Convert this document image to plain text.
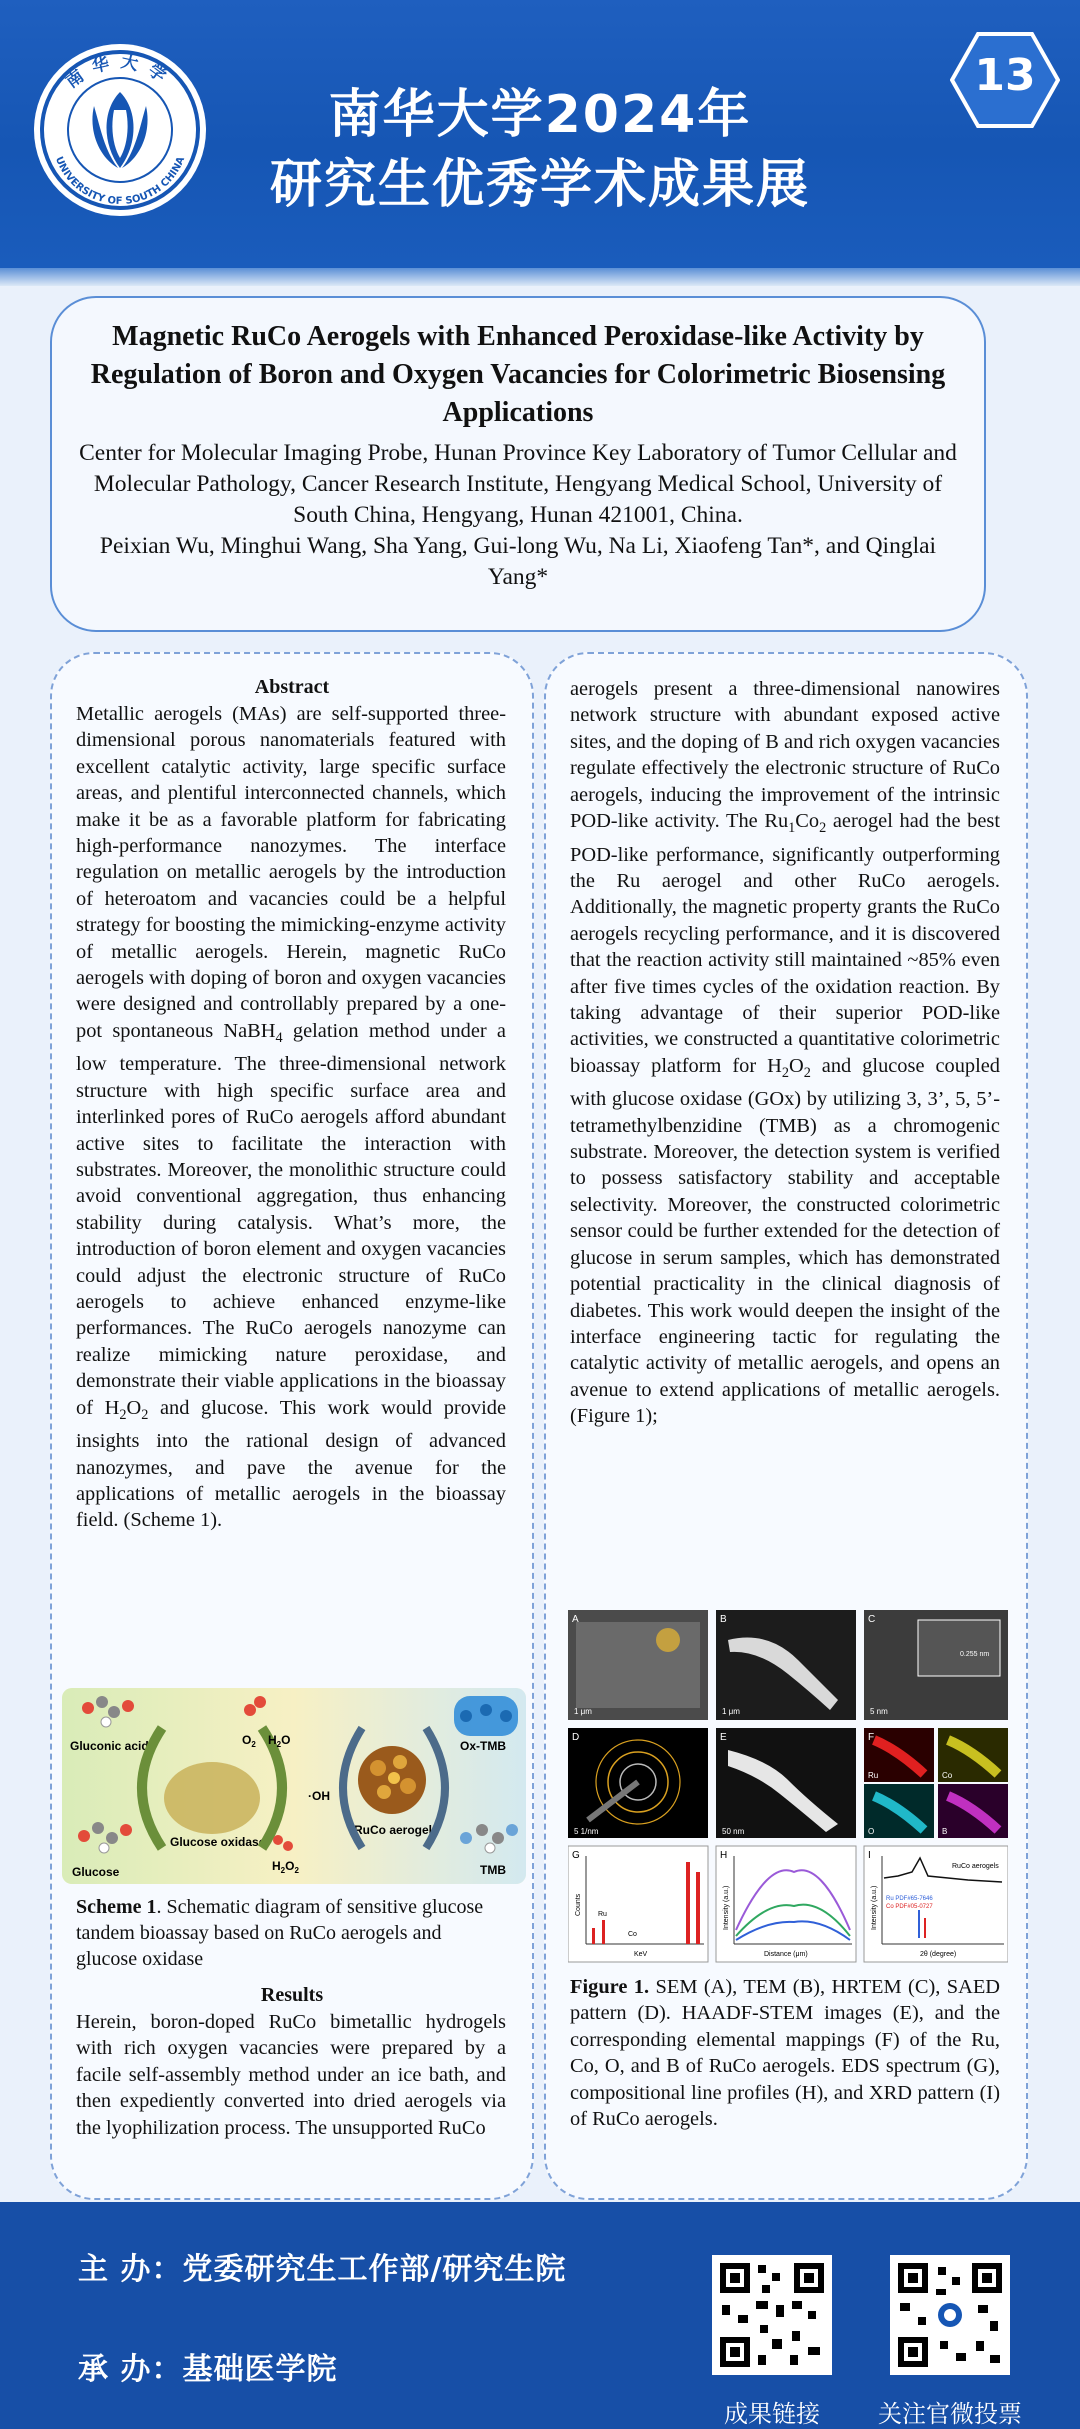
南华大学
UNIVERSITY OF SOUTH CHINA
南华大学2024年
研究生优秀学术成果展
13

Magnetic RuCo Aerogels with Enhanced Peroxidase-like Activity by Regulation of Boron and Oxygen Vacancies for Colorimetric Biosensing Applications

Center for Molecular Imaging Probe, Hunan Province Key Laboratory of Tumor Cellular and Molecular Pathology, Cancer Research Institute, Hengyang Medical School, University of South China, Hengyang, Hunan 421001, China.

Peixian Wu, Minghui Wang, Sha Yang, Gui-long Wu, Na Li, Xiaofeng Tan*, and Qinglai Yang*

Abstract

Metallic aerogels (MAs) are self-supported three-dimensional porous nanomaterials featured with excellent catalytic activity, large specific surface areas, and plentiful interconnected channels, which make it be as a favorable platform for fabricating high-performance nanozymes. The interface regulation on metallic aerogels by the introduction of heteroatom and vacancies could be a helpful strategy for boosting the mimicking-enzyme activity of metallic aerogels. Herein, magnetic RuCo aerogels with doping of boron and oxygen vacancies were designed and controllably prepared by a one-pot spontaneous NaBH$_4$ gelation method under a low temperature. The three-dimensional network structure with high specific surface area and interlinked pores of RuCo aerogels afford abundant active sites to facilitate the interaction with substrates. Moreover, the monolithic structure could avoid conventional aggregation, thus enhancing stability during catalysis. What’s more, the introduction of boron element and oxygen vacancies could adjust the electronic structure of RuCo aerogels to achieve enhanced enzyme-like performances. The RuCo aerogels nanozyme can realize mimicking nature peroxidase, and demonstrate their viable applications in the bioassay of $H_2O_2$ and glucose. This work would provide insights into the rational design of advanced nanozymes, and pave the avenue for the applications of metallic aerogels in the bioassay field. (Scheme 1).

Gluconic acid
Glucose
Glucose oxidase
$O_2$ $H_2O$
$H_2O_2$
·OH
RuCo aerogels
Ox-TMB
TMB

Scheme 1. Schematic diagram of sensitive glucose tandem bioassay based on RuCo aerogels and glucose oxidase

Results

Herein, boron-doped RuCo bimetallic hydrogels with rich oxygen vacancies were prepared by a facile self-assembly method under an ice bath, and then expediently converted into dried aerogels via the lyophilization process. The unsupported RuCo

aerogels present a three-dimensional nanowires network structure with abundant exposed active sites, and the doping of B and rich oxygen vacancies regulate effectively the electronic structure of RuCo aerogels, inducing the improvement of the intrinsic POD-like activity. The $Ru_1Co_2$ aerogel had the best POD-like performance, significantly outperforming the Ru aerogel and other RuCo aerogels. Additionally, the magnetic property grants the RuCo aerogels recycling performance, and it is discovered that the reaction activity still maintained ~85% even after five times cycles of the oxidation reaction. By taking advantage of their superior POD-like activities, we constructed a quantitative colorimetric bioassay platform for $H_2O_2$ and glucose coupled with glucose oxidase (GOx) by utilizing 3, 3’, 5, 5’-tetramethylbenzidine (TMB) as a chromogenic substrate. Moreover, the detection system is verified to possess satisfactory stability and acceptable selectivity. Moreover, the constructed colorimetric sensor could be further extended for the detection of glucose in serum samples, which has demonstrated potential practicality in the clinical diagnosis of diabetes. This work would deepen the insight of the interface engineering tactic for regulating the catalytic activity of metallic aerogels, and opens an avenue to extend applications of metallic aerogels.(Figure 1);

A
1 μm
B
1 μm
C
0.255 nm
5 nm
D
5 1/nm
E
50 nm
F
Ru	Co
O	B
G
Ru
Co
Counts
KeV
H
Intensity (a.u.)
Distance (μm)
I
RuCo aerogels
Ru PDF#65-7646
Co PDF#05-0727
Intensity (a.u.)
2θ (degree)

Figure 1. SEM (A), TEM (B), HRTEM (C), SAED pattern (D). HAADF-STEM images (E), and the corresponding elemental mappings (F) of the Ru, Co, O, and B of RuCo aerogels. EDS spectrum (G), compositional line profiles (H), and XRD pattern (I) of RuCo aerogels.

主 办：党委研究生工作部/研究生院
承 办：基础医学院
成果链接	关注官微投票
